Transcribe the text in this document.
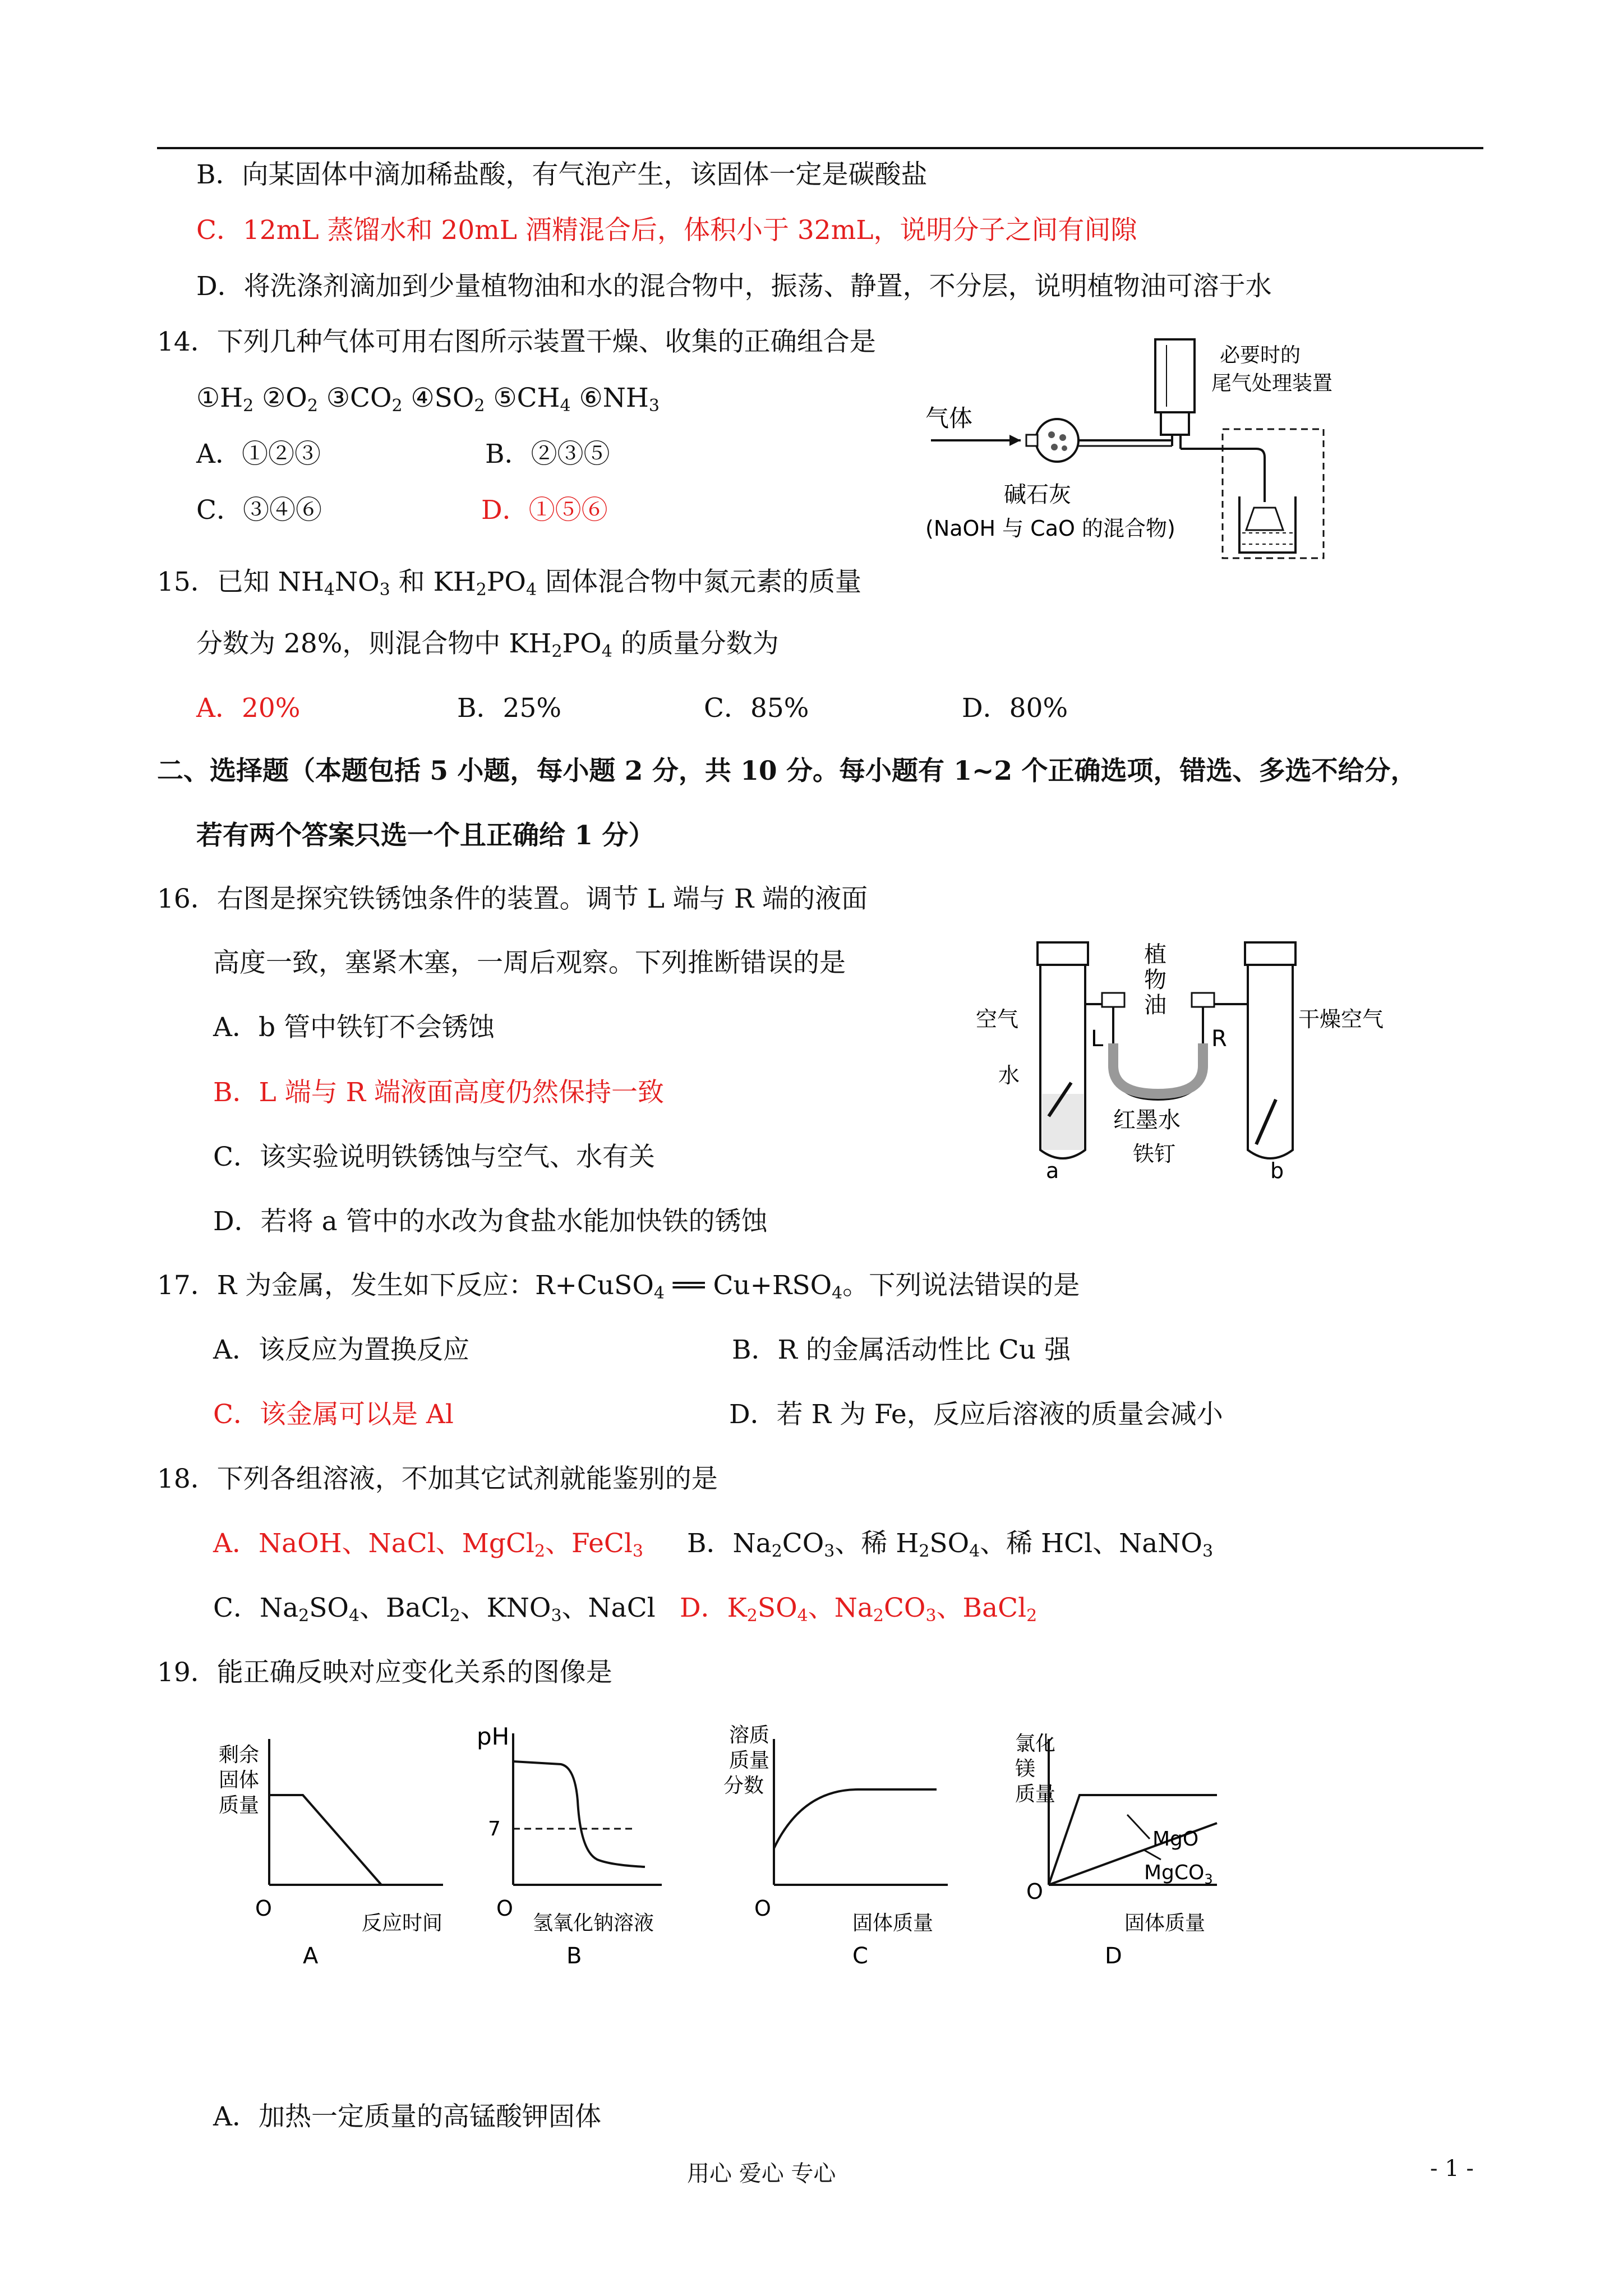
B．向某固体中滴加稀盐酸，有气泡产生，该固体一定是碳酸盐
C．12mL 蒸馏水和 20mL 酒精混合后，体积小于 32mL，说明分子之间有间隙
D．将洗涤剂滴加到少量植物油和水的混合物中，振荡、静置，不分层，说明植物油可溶于水
14．下列几种气体可用右图所示装置干燥、收集的正确组合是
$①H_2$ $②O_2$ $③CO_2$ $④SO_2$ $⑤CH_4$ $⑥NH_3$
A．①②③	B．②③⑤
C．③④⑥	D．①⑤⑥
气体
必要时的
尾气处理装置
碱石灰
(NaOH 与 CaO 的混合物)
15．已知 $NH_4NO_3$ 和 $KH_2PO_4$ 固体混合物中氮元素的质量
分数为 28%，则混合物中 $KH_2PO_4$ 的质量分数为
A．20%	B．25%	C．85%	D．80%
二、选择题（本题包括 5 小题，每小题 2 分，共 10 分。每小题有 1~2 个正确选项，错选、多选不给分，
若有两个答案只选一个且正确给 1 分）
16．右图是探究铁锈蚀条件的装置。调节 L 端与 R 端的液面
高度一致，塞紧木塞，一周后观察。下列推断错误的是
A．b 管中铁钉不会锈蚀
B．L 端与 R 端液面高度仍然保持一致
C．该实验说明铁锈蚀与空气、水有关
D．若将 a 管中的水改为食盐水能加快铁的锈蚀
植
物
油
L	R
空气
水
干燥空气
红墨水
铁钉
a	b
17．R 为金属，发生如下反应：R+CuSO$_4$ ══ $Cu+RSO_4$。下列说法错误的是
A．该反应为置换反应	B．R 的金属活动性比 Cu 强
C．该金属可以是 Al	D．若 R 为 Fe，反应后溶液的质量会减小
18．下列各组溶液，不加其它试剂就能鉴别的是
A．NaOH、NaCl、MgCl$_2$、FeCl$_3$ B．$Na_2CO_3$、稀 $H_2SO_4$、稀 HCl、NaNO$_3$
C．$Na_2SO_4$、BaCl$_2$、$KNO_3$、NaCl D．$K_2SO_4$、$Na_2CO_3$、BaCl$_2$
19．能正确反映对应变化关系的图像是
剩余
固体
质量
O
反应时间
A
pH
7
O
氢氧化钠溶液
B
溶质
质量
分数
O
固体质量
C
氯化
镁
质量
MgO
MgCO$_3$
O
固体质量
D
A．加热一定质量的高锰酸钾固体
用心 爱心 专心	- 1 -
